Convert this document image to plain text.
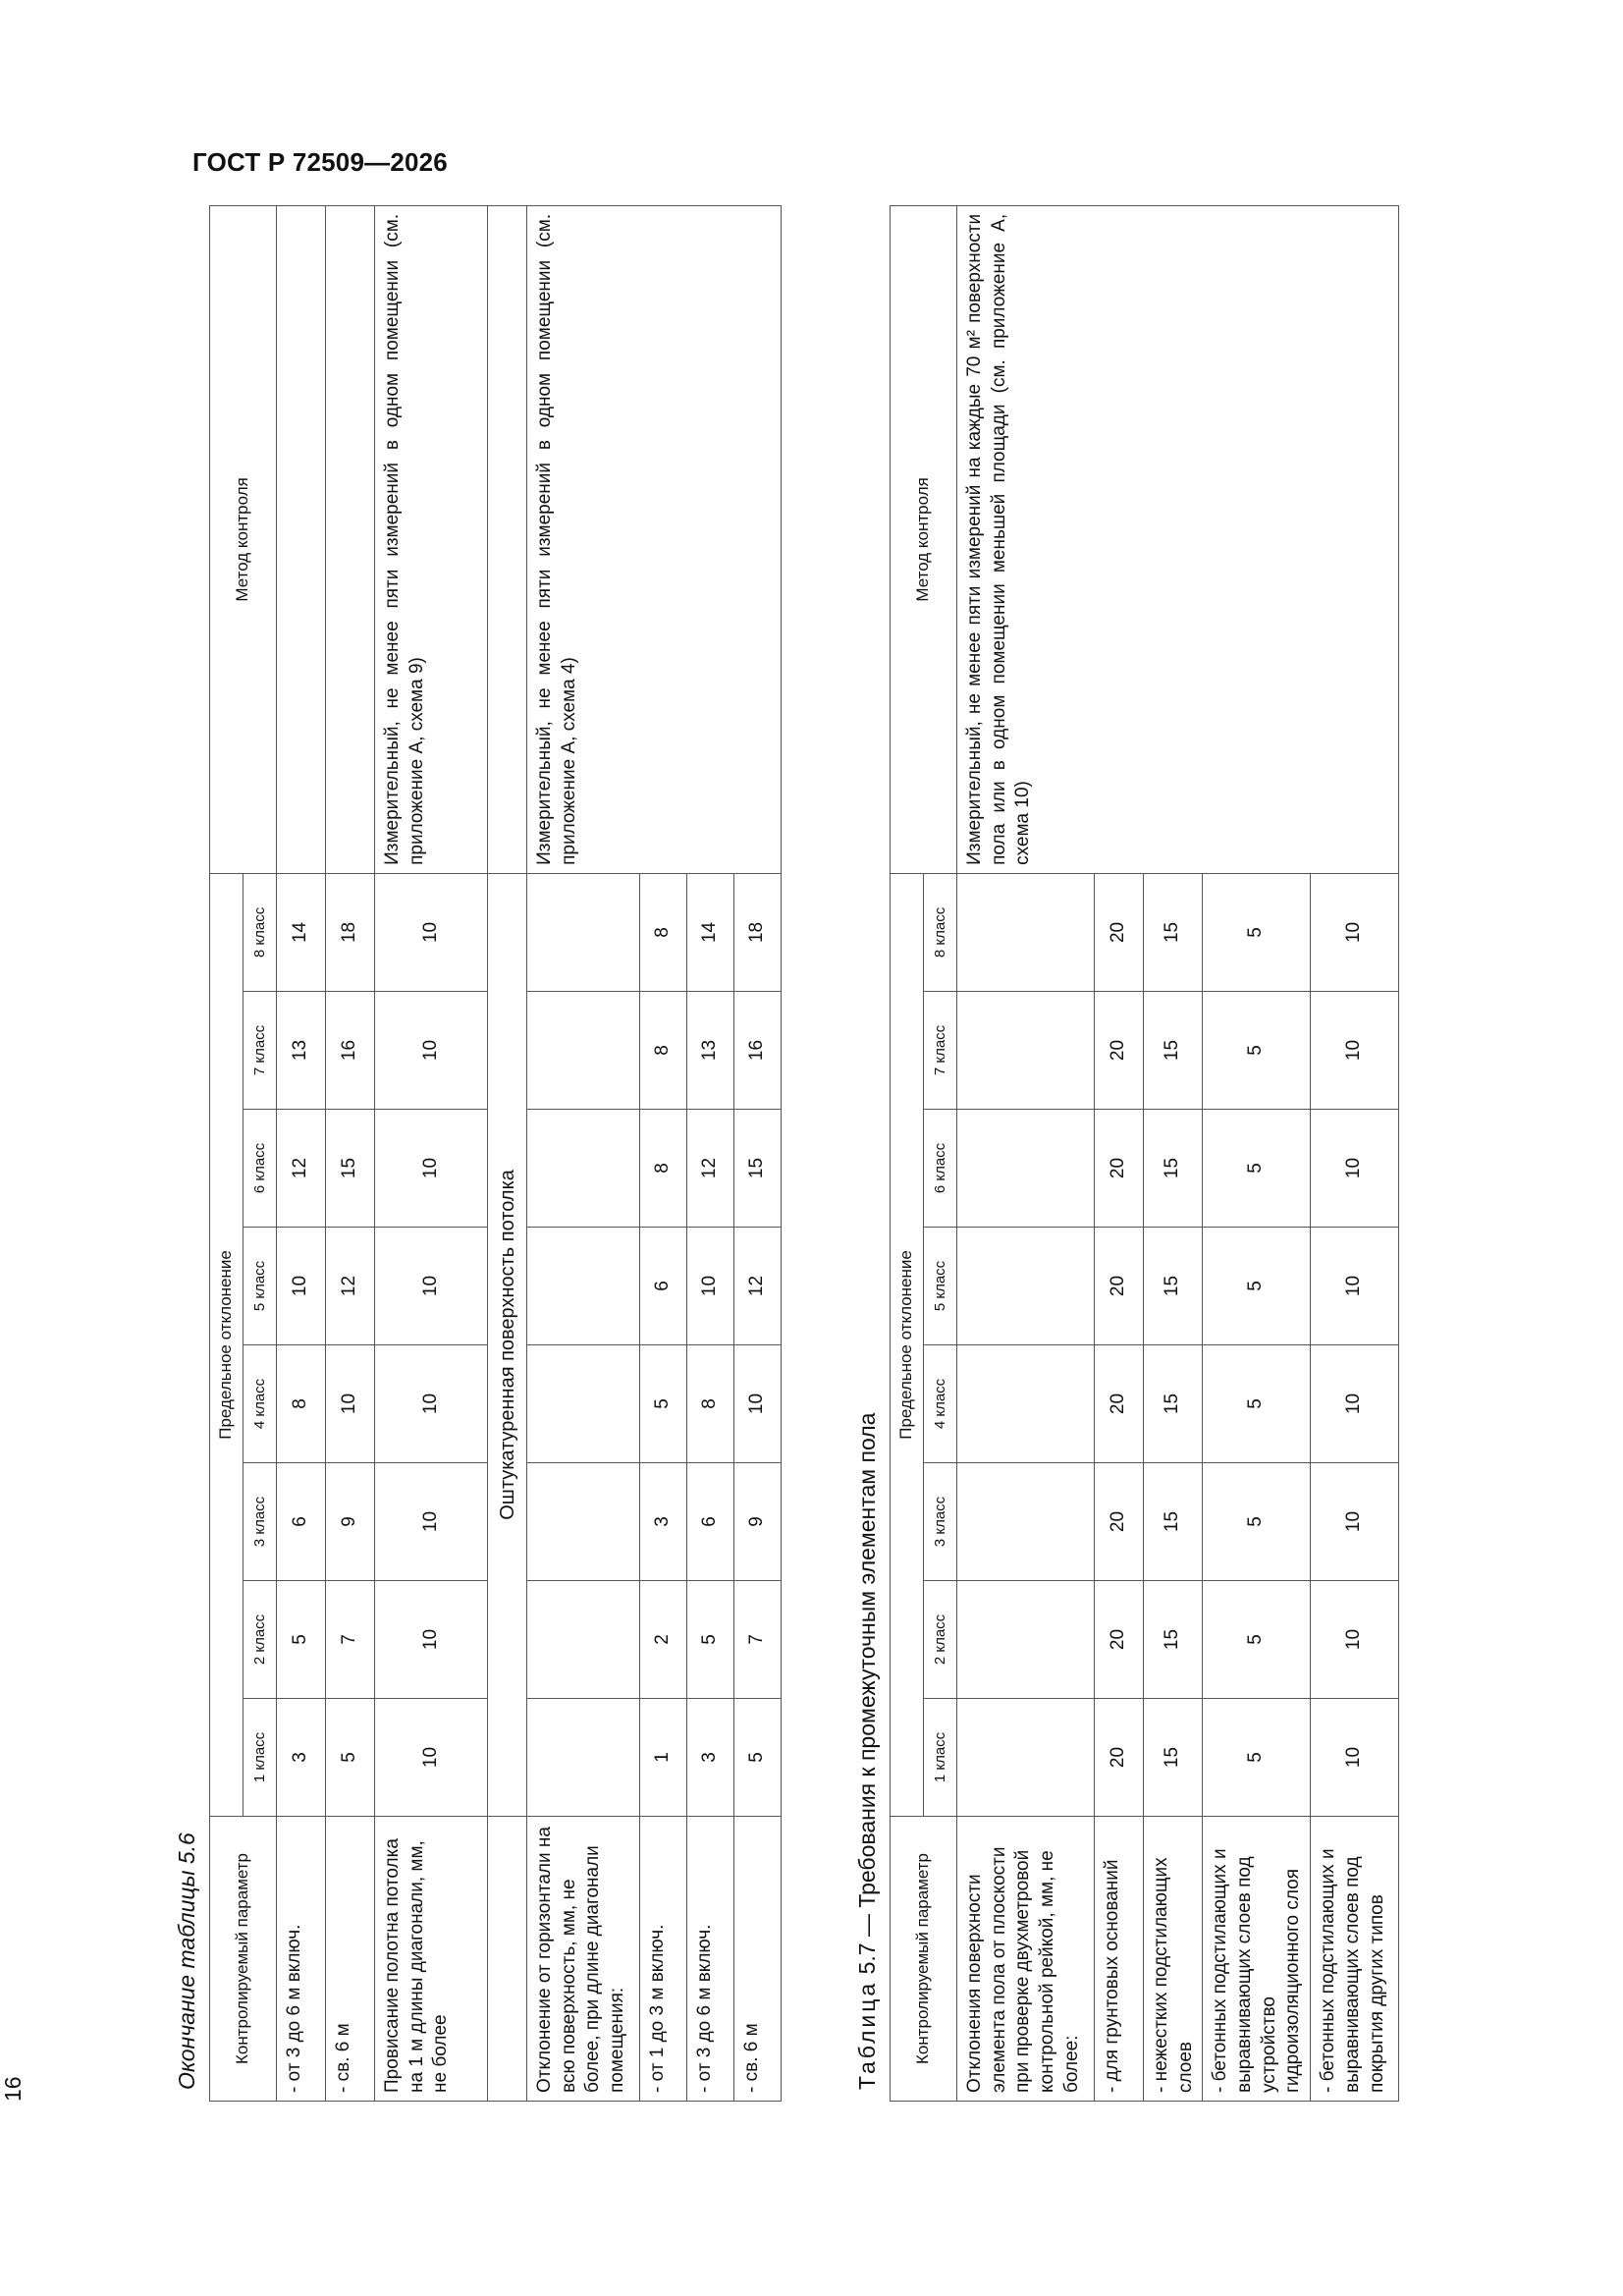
ГОСТ Р 72509—2026
16	Окончание таблицы 5.6	Контролируемый параметр	Предельное отклонение								Метод контроля
	1 класс	2 класс	3 класс	4 класс	5 класс	6 класс	7 класс	8 класс	
- от 3 до 6 м включ.	3	5	6	8	10	12	13	14	
- св. 6 м	5	7	9	10	12	15	16	18	
Провисание полотна потолка на 1 м длины диагонали, мм, не более	10	10	10	10	10	10	10	10	Измерительный, не менее пяти измерений в одном помещении (см. приложение А, схема 9)
	Оштукатуренная поверхность потолка								
Отклонение от горизонтали на всю поверхность, мм, не более, при длине диагонали помещения:									Измерительный, не менее пяти измерений в одном помещении (см. приложение А, схема 4)
- от 1 до 3 м включ.	1	2	3	5	6	8	8	8	
- от 3 до 6 м включ.	3	5	6	8	10	12	13	14	
- св. 6 м	5	7	9	10	12	15	16	18	
Таблица 5.7 — Требования к промежуточным элементам пола	Контролируемый параметр	Предельное отклонение								Метод контроля
	1 класс	2 класс	3 класс	4 класс	5 класс	6 класс	7 класс	8 класс	
Отклонения поверхности элемента пола от плоскости при проверке двухметровой контрольной рейкой, мм, не более:									Измерительный, не менее пяти измерений на каждые 70 м² поверхности пола или в одном помещении меньшей площади (см. приложение А, схема 10)
- для грунтовых оснований	20	20	20	20	20	20	20	20	
- нежестких подстилающих слоев	15	15	15	15	15	15	15	15	
- бетонных подстилающих и выравнивающих слоев под устройство гидроизоляционного слоя	5	5	5	5	5	5	5	5	
- бетонных подстилающих и выравнивающих слоев под покрытия других типов	10	10	10	10	10	10	10	10	
